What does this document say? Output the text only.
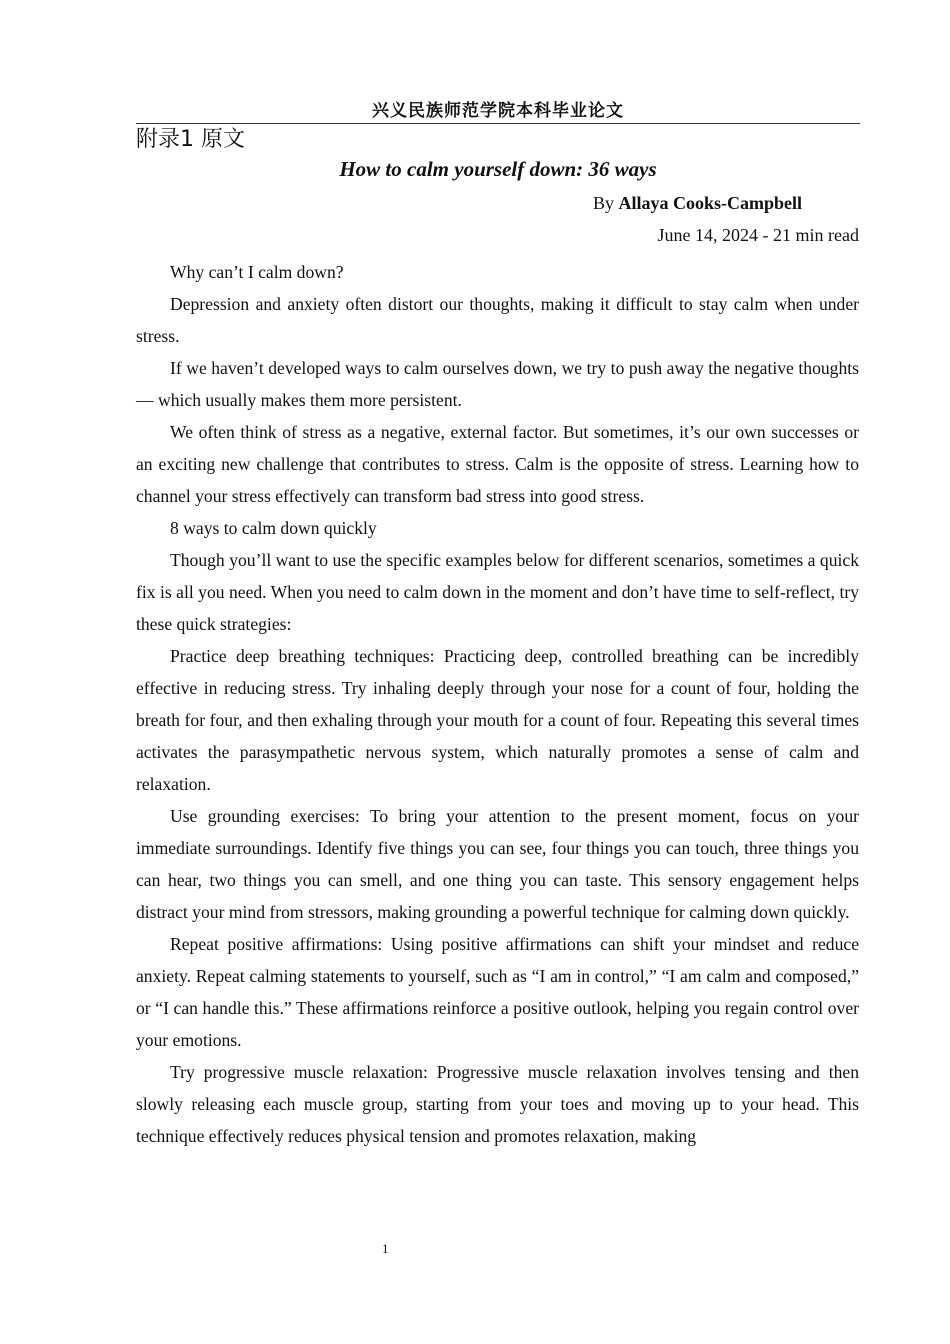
兴义民族师范学院本科毕业论文
附录1 原文
How to calm yourself down: 36 ways
By Allaya Cooks-Campbell
June 14, 2024 - 21 min read

Why can’t I calm down?

Depression and anxiety often distort our thoughts, making it difficult to stay calm when under stress.

If we haven’t developed ways to calm ourselves down, we try to push away the negative thoughts — which usually makes them more persistent.

We often think of stress as a negative, external factor. But sometimes, it’s our own successes or an exciting new challenge that contributes to stress. Calm is the opposite of stress. Learning how to channel your stress effectively can transform bad stress into good stress.

8 ways to calm down quickly

Though you’ll want to use the specific examples below for different scenarios, sometimes a quick fix is all you need. When you need to calm down in the moment and don’t have time to self-reflect, try these quick strategies:

Practice deep breathing techniques: Practicing deep, controlled breathing can be incredibly effective in reducing stress. Try inhaling deeply through your nose for a count of four, holding the breath for four, and then exhaling through your mouth for a count of four. Repeating this several times activates the parasympathetic nervous system, which naturally promotes a sense of calm and relaxation.

Use grounding exercises: To bring your attention to the present moment, focus on your immediate surroundings. Identify five things you can see, four things you can touch, three things you can hear, two things you can smell, and one thing you can taste. This sensory engagement helps distract your mind from stressors, making grounding a powerful technique for calming down quickly.

Repeat positive affirmations: Using positive affirmations can shift your mindset and reduce anxiety. Repeat calming statements to yourself, such as “I am in control,” “I am calm and composed,” or “I can handle this.” These affirmations reinforce a positive outlook, helping you regain control over your emotions.

Try progressive muscle relaxation: Progressive muscle relaxation involves tensing and then slowly releasing each muscle group, starting from your toes and moving up to your head. This technique effectively reduces physical tension and promotes relaxation, making

1
